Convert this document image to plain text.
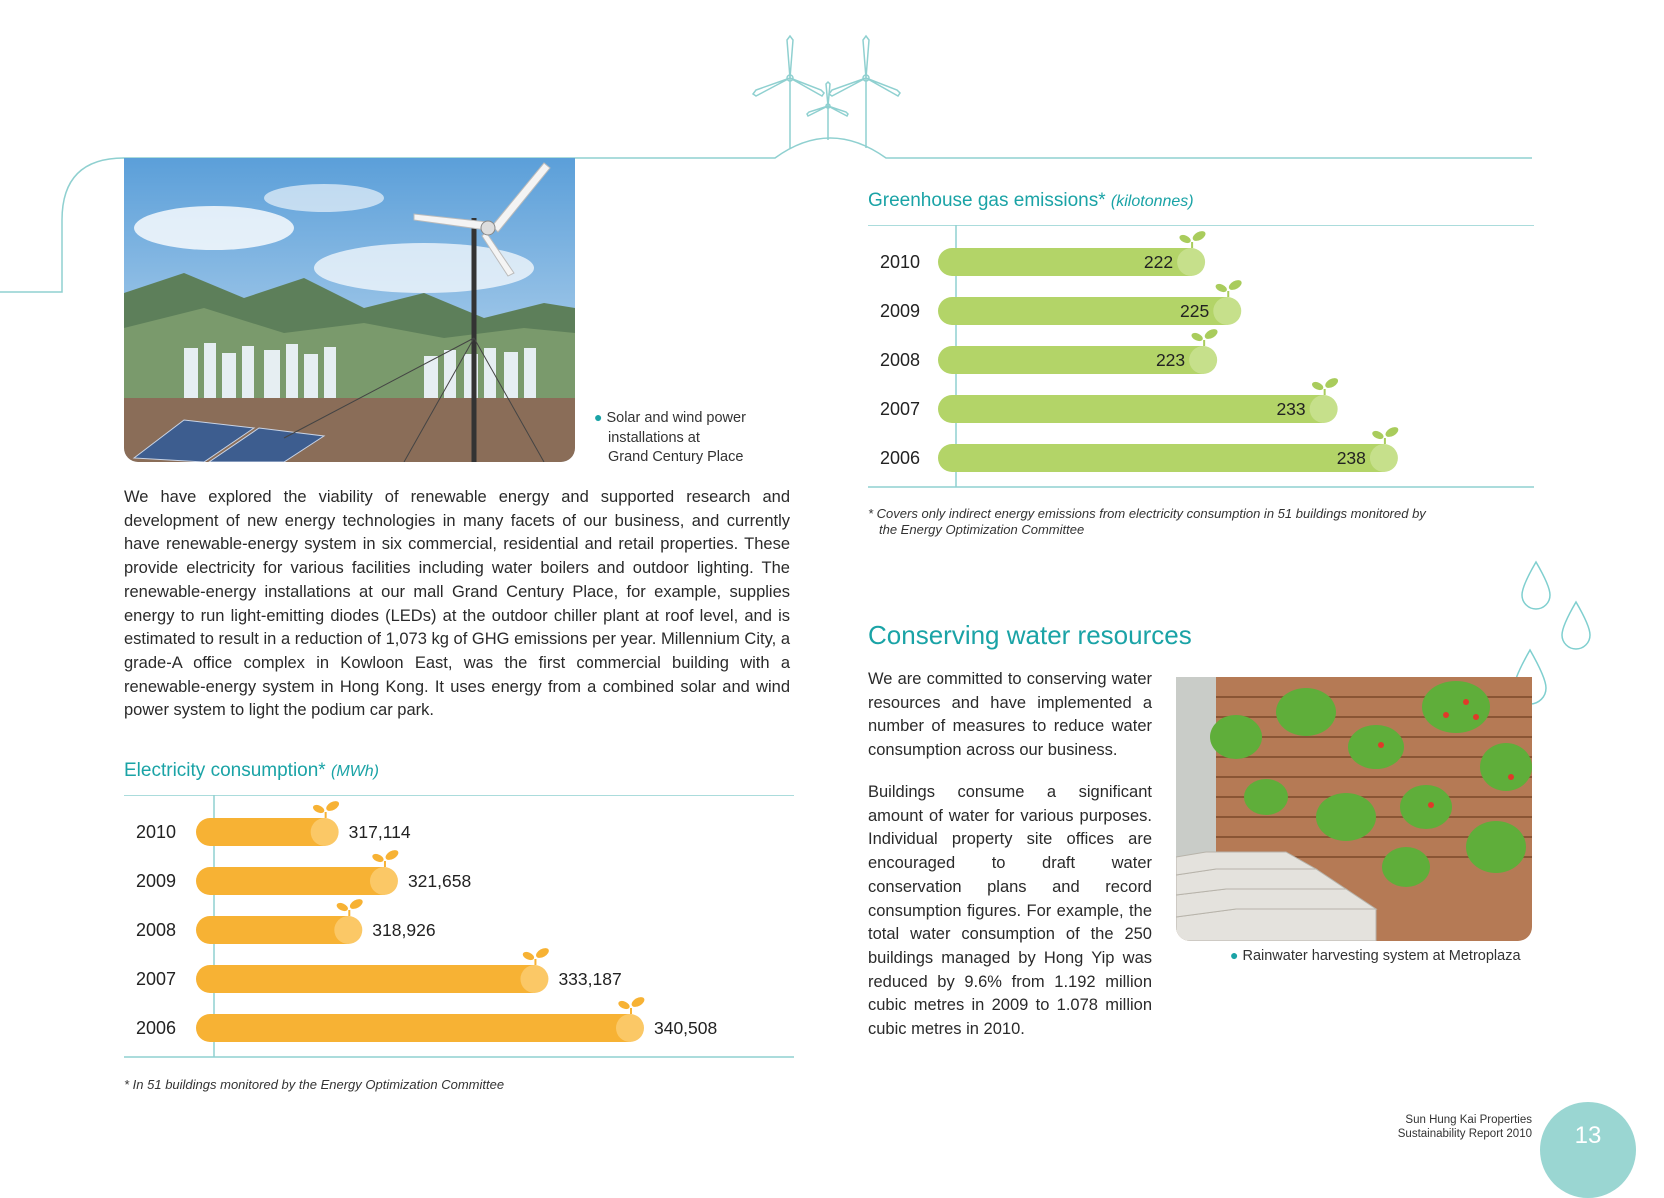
● Solar and wind power
installations at
Grand Century Place
We have explored the viability of renewable energy and supported research and development of new energy technologies in many facets of our business, and currently have renewable-energy system in six commercial, residential and retail properties. These provide electricity for various facilities including water boilers and outdoor lighting. The renewable-energy installations at our mall Grand Century Place, for example, supplies energy to run light-emitting diodes (LEDs) at the outdoor chiller plant at roof level, and is estimated to result in a reduction of 1,073 kg of GHG emissions per year. Millennium City, a grade-A office complex in Kowloon East, was the first commercial building with a renewable-energy system in Hong Kong. It uses energy from a combined solar and wind power system to light the podium car park.
Electricity consumption* (MWh)
2010	317,114
2009	321,658
2008	318,926
2007	333,187
2006	340,508
* In 51 buildings monitored by the Energy Optimization Committee
Greenhouse gas emissions* (kilotonnes)
2010	222
2009	225
2008	223
2007	233
2006	238
* Covers only indirect energy emissions from electricity consumption in 51 buildings monitored by
the Energy Optimization Committee
Conserving water resources
We are committed to conserving water resources and have implemented a number of measures to reduce water consumption across our business.
Buildings consume a significant amount of water for various purposes. Individual property site offices are encouraged to draft water conservation plans and record consumption figures. For example, the total water consumption of the 250 buildings managed by Hong Yip was reduced by 9.6% from 1.192 million cubic metres in 2009 to 1.078 million cubic metres in 2010.
● Rainwater harvesting system at Metroplaza
Sun Hung Kai Properties
Sustainability Report 2010	13
